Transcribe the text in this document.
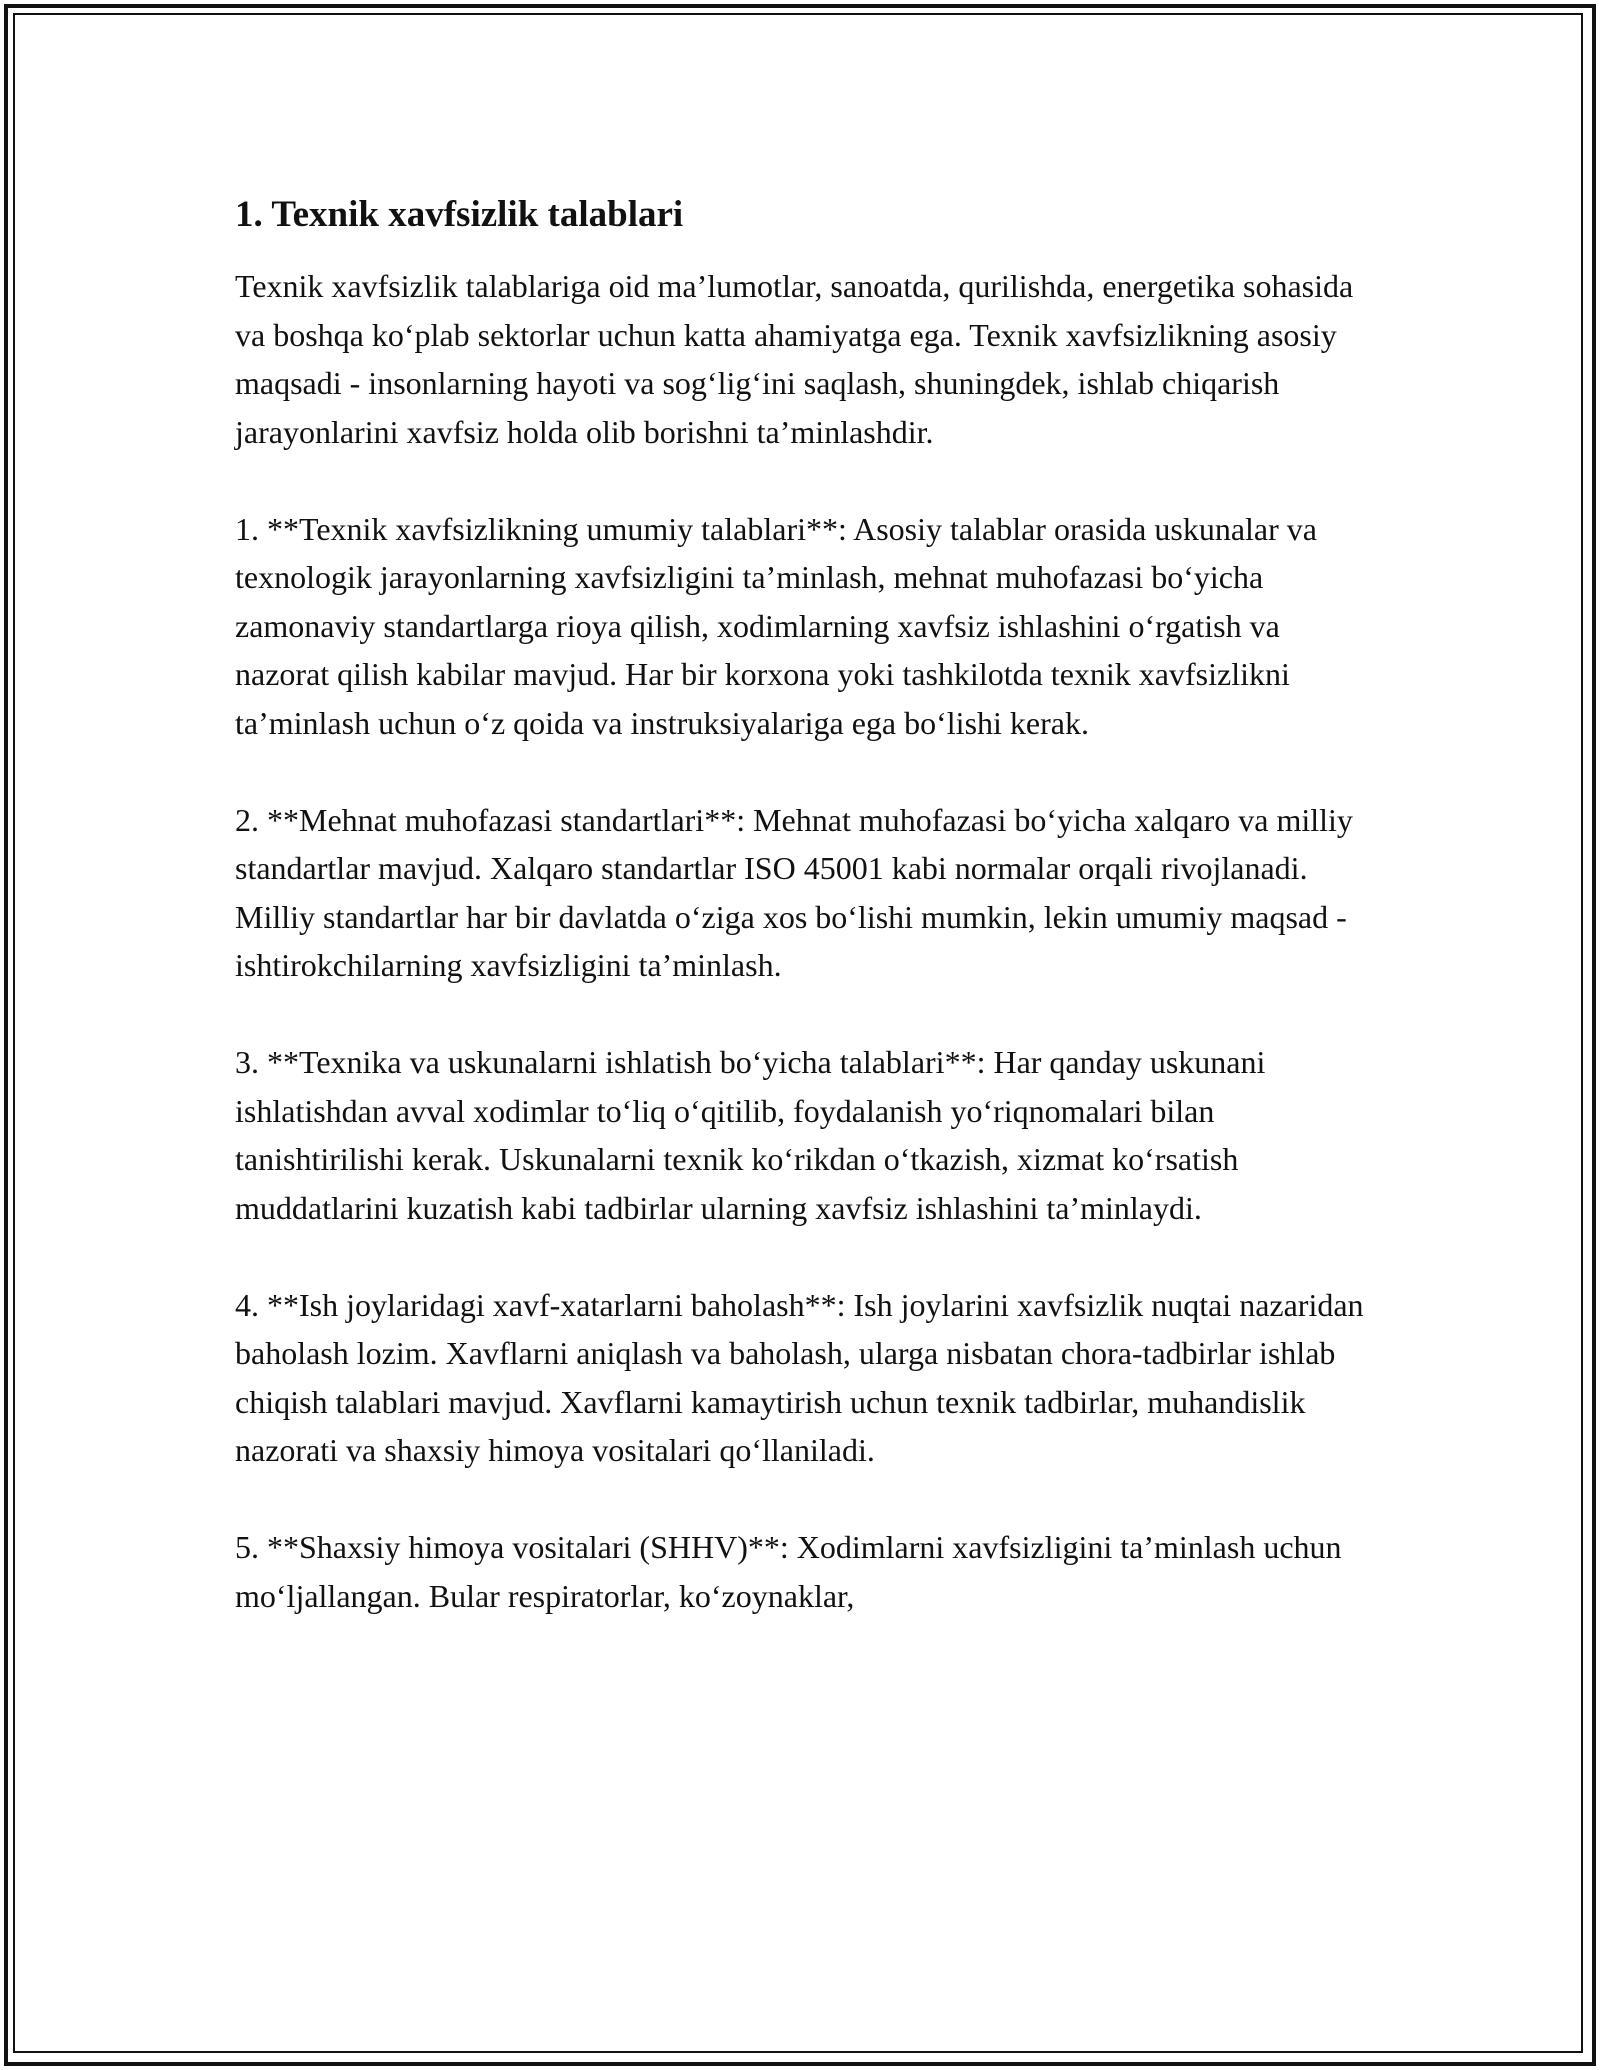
1. Texnik xavfsizlik talablari

Texnik xavfsizlik talablariga oid ma’lumotlar, sanoatda, qurilishda, energetika sohasida va boshqa ko‘plab sektorlar uchun katta ahamiyatga ega. Texnik xavfsizlikning asosiy maqsadi - insonlarning hayoti va sog‘lig‘ini saqlash, shuningdek, ishlab chiqarish jarayonlarini xavfsiz holda olib borishni ta’minlashdir.

1. **Texnik xavfsizlikning umumiy talablari**: Asosiy talablar orasida uskunalar va texnologik jarayonlarning xavfsizligini ta’minlash, mehnat muhofazasi bo‘yicha zamonaviy standartlarga rioya qilish, xodimlarning xavfsiz ishlashini o‘rgatish va nazorat qilish kabilar mavjud. Har bir korxona yoki tashkilotda texnik xavfsizlikni ta’minlash uchun o‘z qoida va instruksiyalariga ega bo‘lishi kerak.

2. **Mehnat muhofazasi standartlari**: Mehnat muhofazasi bo‘yicha xalqaro va milliy standartlar mavjud. Xalqaro standartlar ISO 45001 kabi normalar orqali rivojlanadi. Milliy standartlar har bir davlatda o‘ziga xos bo‘lishi mumkin, lekin umumiy maqsad - ishtirokchilarning xavfsizligini ta’minlash.

3. **Texnika va uskunalarni ishlatish bo‘yicha talablari**: Har qanday uskunani ishlatishdan avval xodimlar to‘liq o‘qitilib, foydalanish yo‘riqnomalari bilan tanishtirilishi kerak. Uskunalarni texnik ko‘rikdan o‘tkazish, xizmat ko‘rsatish muddatlarini kuzatish kabi tadbirlar ularning xavfsiz ishlashini ta’minlaydi.

4. **Ish joylaridagi xavf-xatarlarni baholash**: Ish joylarini xavfsizlik nuqtai nazaridan baholash lozim. Xavflarni aniqlash va baholash, ularga nisbatan chora-tadbirlar ishlab chiqish talablari mavjud. Xavflarni kamaytirish uchun texnik tadbirlar, muhandislik nazorati va shaxsiy himoya vositalari qo‘llaniladi.

5. **Shaxsiy himoya vositalari (SHHV)**: Xodimlarni xavfsizligini ta’minlash uchun mo‘ljallangan. Bular respiratorlar, ko‘zoynaklar,
